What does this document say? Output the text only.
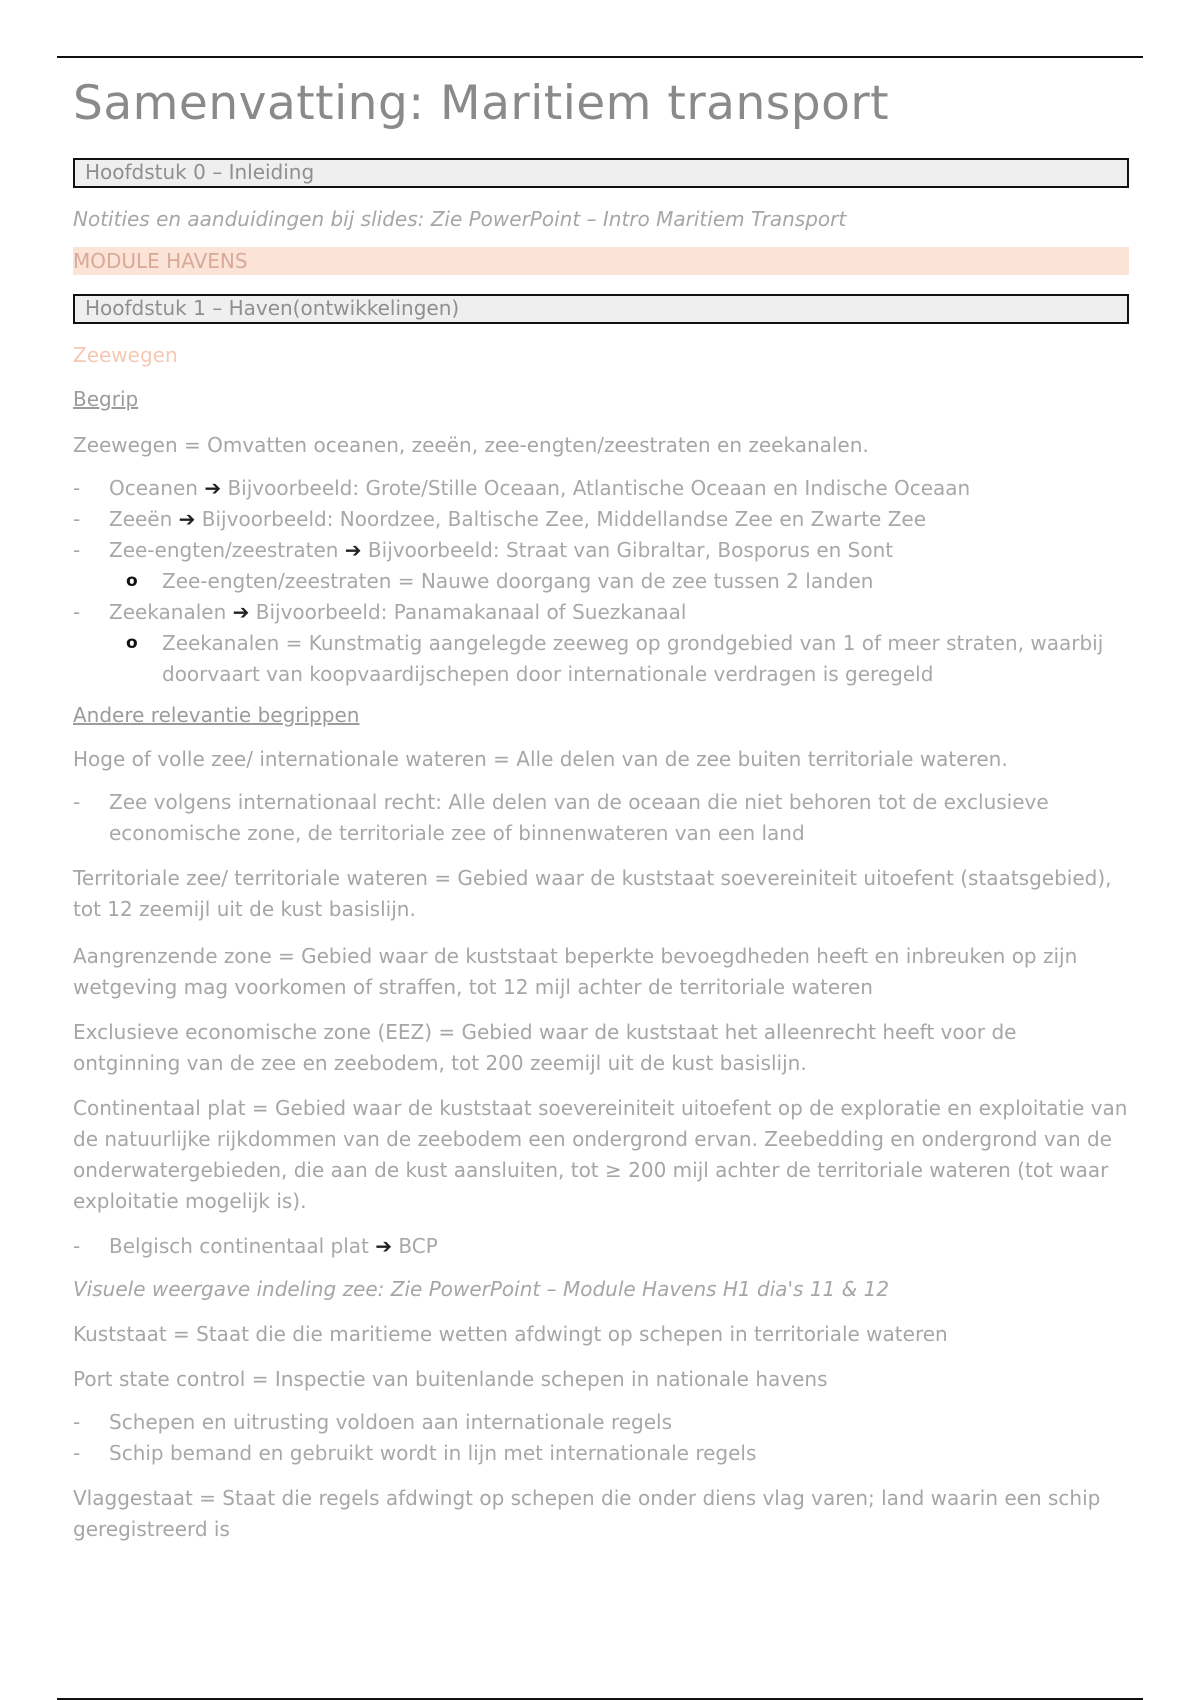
Samenvatting: Maritiem transport
Hoofdstuk 0 – Inleiding
Notities en aanduidingen bij slides: Zie PowerPoint – Intro Maritiem Transport
MODULE HAVENS
Hoofdstuk 1 – Haven(ontwikkelingen)
Zeewegen
Begrip
Zeewegen = Omvatten oceanen, zeeën, zee-engten/zeestraten en zeekanalen.
- Oceanen ➔ Bijvoorbeeld: Grote/Stille Oceaan, Atlantische Oceaan en Indische Oceaan
- Zeeën ➔ Bijvoorbeeld: Noordzee, Baltische Zee, Middellandse Zee en Zwarte Zee
- Zee-engten/zeestraten ➔ Bijvoorbeeld: Straat van Gibraltar, Bosporus en Sont
o Zee-engten/zeestraten = Nauwe doorgang van de zee tussen 2 landen
- Zeekanalen ➔ Bijvoorbeeld: Panamakanaal of Suezkanaal
o Zeekanalen = Kunstmatig aangelegde zeeweg op grondgebied van 1 of meer straten, waarbij doorvaart van koopvaardijschepen door internationale verdragen is geregeld
Andere relevantie begrippen
Hoge of volle zee/ internationale wateren = Alle delen van de zee buiten territoriale wateren.
- Zee volgens internationaal recht: Alle delen van de oceaan die niet behoren tot de exclusieve economische zone, de territoriale zee of binnenwateren van een land
Territoriale zee/ territoriale wateren = Gebied waar de kuststaat soevereiniteit uitoefent (staatsgebied), tot 12 zeemijl uit de kust basislijn.
Aangrenzende zone = Gebied waar de kuststaat beperkte bevoegdheden heeft en inbreuken op zijn wetgeving mag voorkomen of straffen, tot 12 mijl achter de territoriale wateren
Exclusieve economische zone (EEZ) = Gebied waar de kuststaat het alleenrecht heeft voor de ontginning van de zee en zeebodem, tot 200 zeemijl uit de kust basislijn.
Continentaal plat = Gebied waar de kuststaat soevereiniteit uitoefent op de exploratie en exploitatie van de natuurlijke rijkdommen van de zeebodem een ondergrond ervan. Zeebedding en ondergrond van de onderwatergebieden, die aan de kust aansluiten, tot ≥ 200 mijl achter de territoriale wateren (tot waar exploitatie mogelijk is).
- Belgisch continentaal plat ➔ BCP
Visuele weergave indeling zee: Zie PowerPoint – Module Havens H1 dia's 11 & 12
Kuststaat = Staat die die maritieme wetten afdwingt op schepen in territoriale wateren
Port state control = Inspectie van buitenlande schepen in nationale havens
- Schepen en uitrusting voldoen aan internationale regels
- Schip bemand en gebruikt wordt in lijn met internationale regels
Vlaggestaat = Staat die regels afdwingt op schepen die onder diens vlag varen; land waarin een schip geregistreerd is
